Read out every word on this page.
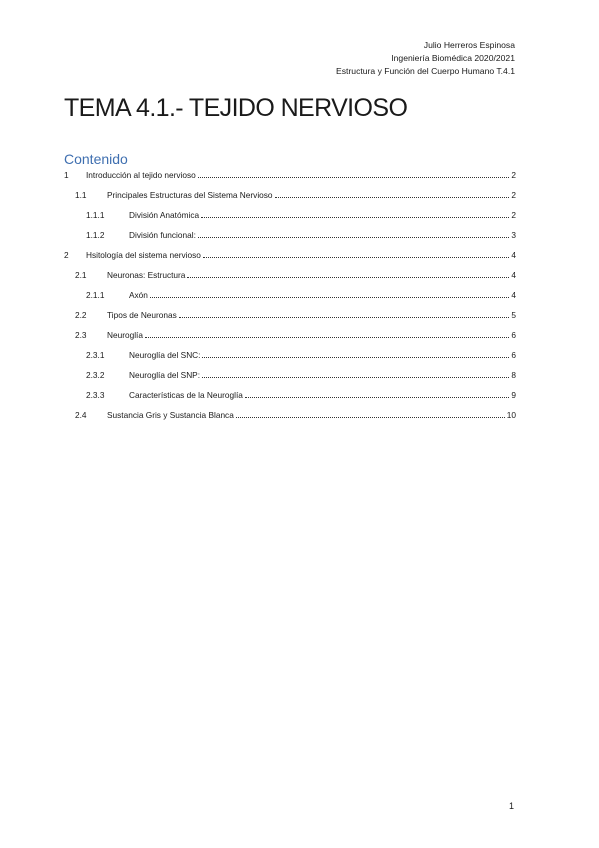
Julio Herreros Espinosa
Ingeniería Biomédica 2020/2021
Estructura y Función del Cuerpo Humano T.4.1
TEMA 4.1.- TEJIDO NERVIOSO
Contenido
1	Introducción al tejido nervioso	2
1.1	Principales Estructuras del Sistema Nervioso	2
1.1.1	División Anatómica	2
1.1.2	División funcional:	3
2	Hsitología del sistema nervioso	4
2.1	Neuronas: Estructura	4
2.1.1	Axón	4
2.2	Tipos de Neuronas	5
2.3	Neuroglía	6
2.3.1	Neuroglía del SNC:	6
2.3.2	Neuroglía del SNP:	8
2.3.3	Características de la Neuroglía	9
2.4	Sustancia Gris y Sustancia Blanca	10
1
